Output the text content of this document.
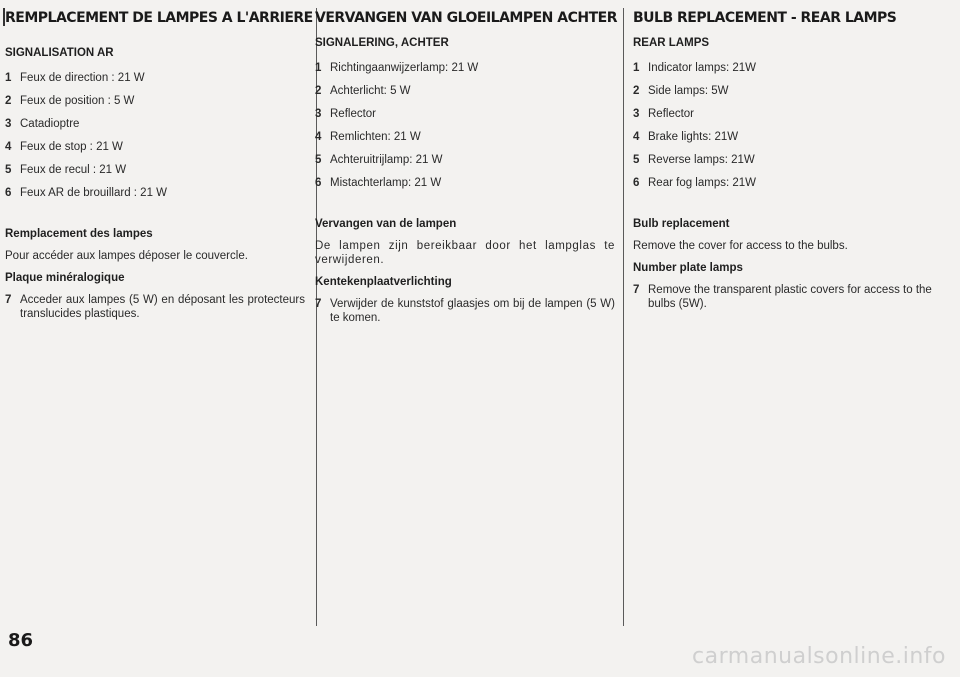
REMPLACEMENT DE LAMPES A L'ARRIERE
SIGNALISATION AR
1 Feux de direction : 21 W
2 Feux de position : 5 W
3 Catadioptre
4 Feux de stop : 21 W
5 Feux de recul : 21 W
6 Feux AR de brouillard : 21 W
Remplacement des lampes

Pour accéder aux lampes déposer le couvercle.

Plaque minéralogique
7 Acceder aux lampes (5 W) en déposant les protecteurs translucides plastiques.
VERVANGEN VAN GLOEILAMPEN ACHTER
SIGNALERING, ACHTER
1 Richtingaanwijzerlamp: 21 W
2 Achterlicht: 5 W
3 Reflector
4 Remlichten: 21 W
5 Achteruitrijlamp: 21 W
6 Mistachterlamp: 21 W
Vervangen van de lampen

De lampen zijn bereikbaar door het lampglas te verwijderen.

Kentekenplaatverlichting
7 Verwijder de kunststof glaasjes om bij de lampen (5 W) te komen.
BULB REPLACEMENT - REAR LAMPS
REAR LAMPS
1 Indicator lamps: 21W
2 Side lamps: 5W
3 Reflector
4 Brake lights: 21W
5 Reverse lamps: 21W
6 Rear fog lamps: 21W
Bulb replacement

Remove the cover for access to the bulbs.

Number plate lamps
7 Remove the transparent plastic covers for access to the bulbs (5W).
86
carmanualsonline.info
